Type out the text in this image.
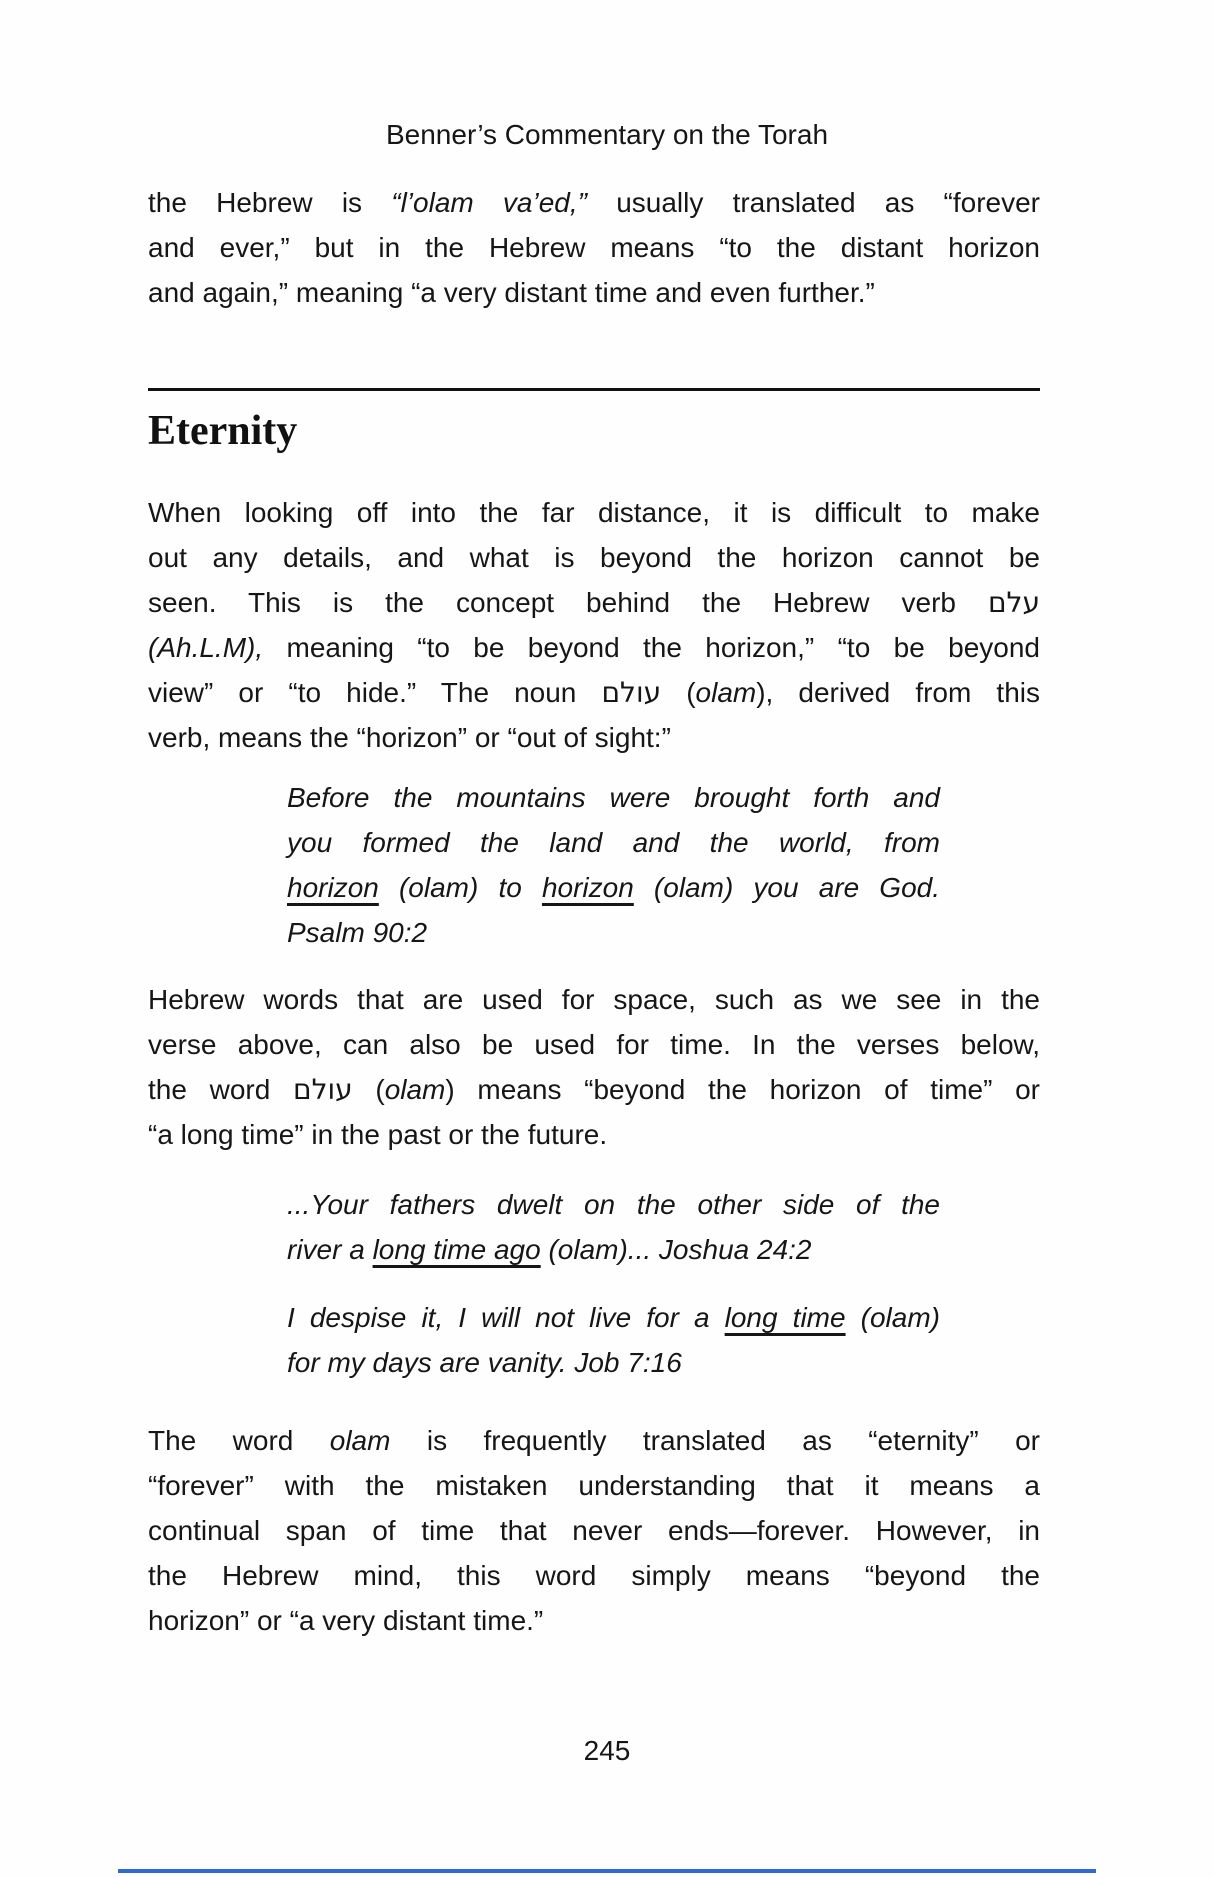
Benner’s Commentary on the Torah
the Hebrew is “l’olam va’ed,” usually translated as “forever
and ever,” but in the Hebrew means “to the distant horizon
and again,” meaning “a very distant time and even further.”
Eternity
When looking off into the far distance, it is difficult to make
out any details, and what is beyond the horizon cannot be
seen. This is the concept behind the Hebrew verb עלם
(Ah.L.M), meaning “to be beyond the horizon,” “to be beyond
view” or “to hide.” The noun עולם (olam), derived from this
verb, means the “horizon” or “out of sight:”
Before the mountains were brought forth and
you formed the land and the world, from
horizon (olam) to horizon (olam) you are God.
Psalm 90:2
Hebrew words that are used for space, such as we see in the
verse above, can also be used for time. In the verses below,
the word עולם (olam) means “beyond the horizon of time” or
“a long time” in the past or the future.
...Your fathers dwelt on the other side of the
river a long time ago (olam)... Joshua 24:2
I despise it, I will not live for a long time (olam)
for my days are vanity. Job 7:16
The word olam is frequently translated as “eternity” or
“forever” with the mistaken understanding that it means a
continual span of time that never ends—forever. However, in
the Hebrew mind, this word simply means “beyond the
horizon” or “a very distant time.”
245
